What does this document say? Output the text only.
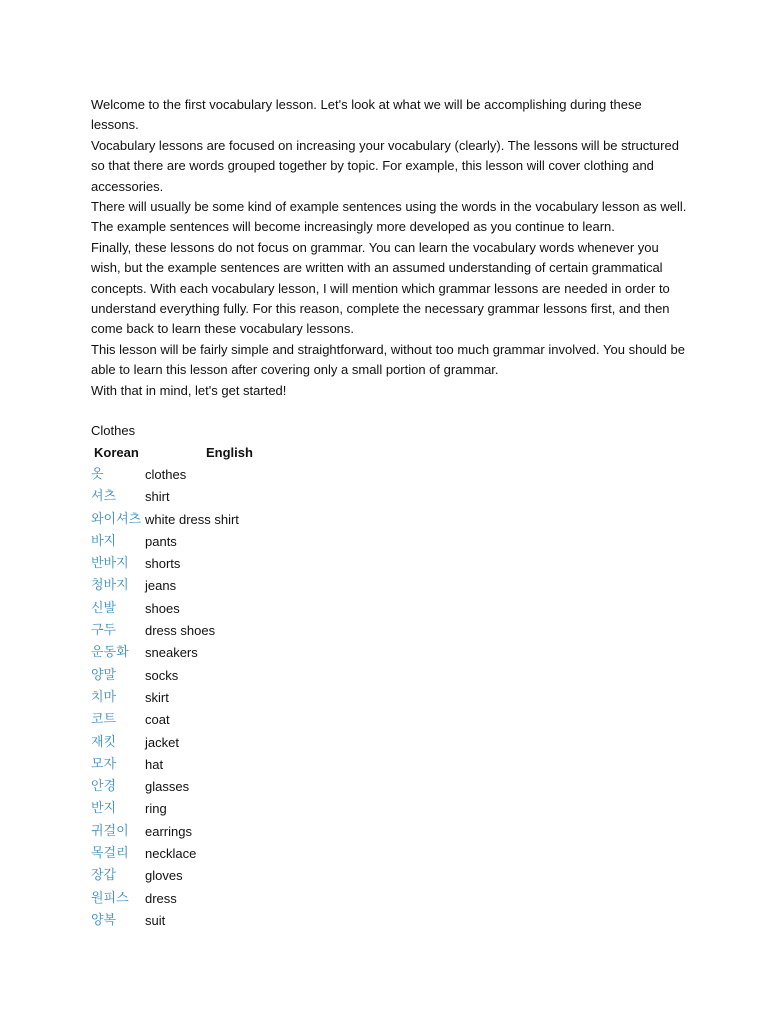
Welcome to the first vocabulary lesson. Let's look at what we will be accomplishing during these lessons.

Vocabulary lessons are focused on increasing your vocabulary (clearly). The lessons will be structured so that there are words grouped together by topic. For example, this lesson will cover clothing and accessories.

There will usually be some kind of example sentences using the words in the vocabulary lesson as well. The example sentences will become increasingly more developed as you continue to learn.

Finally, these lessons do not focus on grammar. You can learn the vocabulary words whenever you wish, but the example sentences are written with an assumed understanding of certain grammatical concepts. With each vocabulary lesson, I will mention which grammar lessons are needed in order to understand everything fully. For this reason, complete the necessary grammar lessons first, and then come back to learn these vocabulary lessons.

This lesson will be fairly simple and straightforward, without too much grammar involved. You should be able to learn this lesson after covering only a small portion of grammar.

With that in mind, let's get started!

Clothes
Korean	English
옷	clothes
셔츠 shirt
와이셔츠 white dress shirt
바지 pants
반바지 shorts
청바지 jeans
신발 shoes
구두 dress shoes
운동화 sneakers
양말 socks
치마 skirt
코트 coat
재킷 jacket
모자 hat
안경 glasses
반지 ring
귀걸이 earrings
목걸리 necklace
장갑 gloves
원피스 dress
양복 suit
